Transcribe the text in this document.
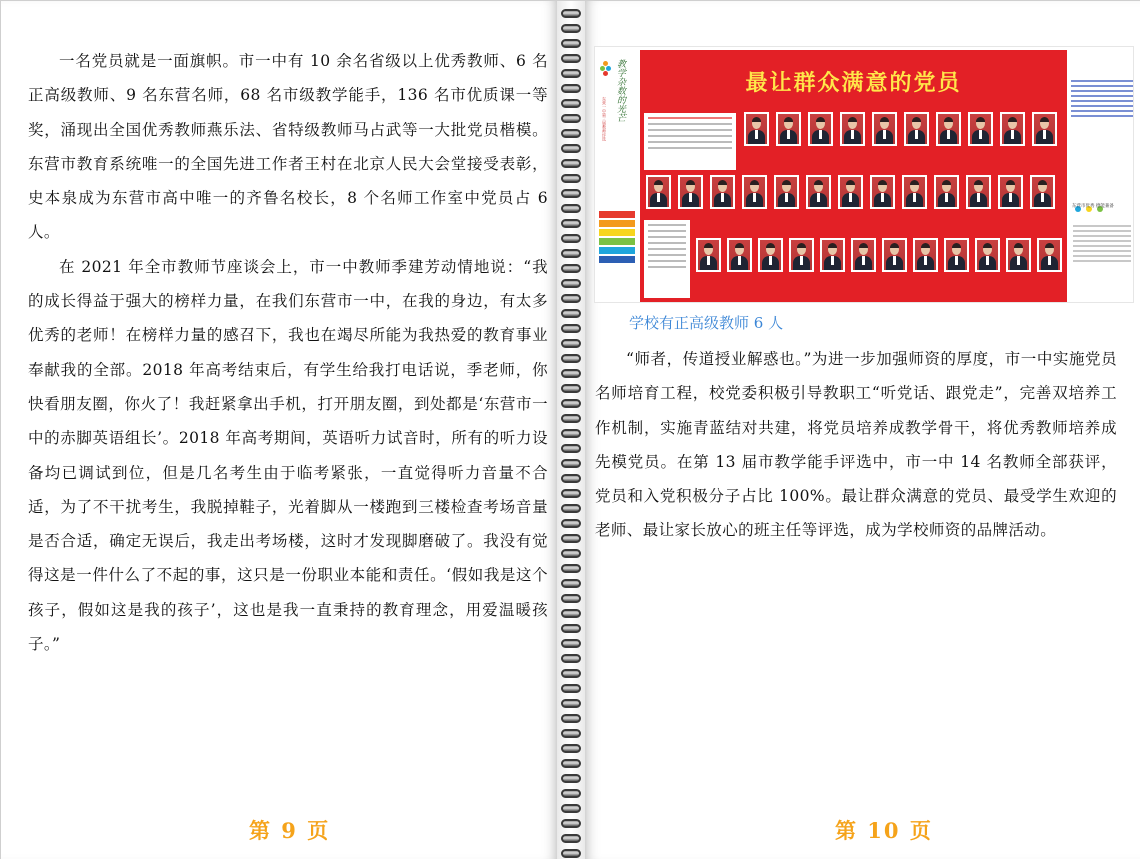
一名党员就是一面旗帜。市一中有 10 余名省级以上优秀教师、6 名正高级教师、9 名东营名师，68 名市级教学能手，136 名市优质课一等奖，涌现出全国优秀教师燕乐法、省特级教师马占武等一大批党员楷模。东营市教育系统唯一的全国先进工作者王村在北京人民大会堂接受表彰，史本泉成为东营市高中唯一的齐鲁名校长，8 个名师工作室中党员占 6 人。

在 2021 年全市教师节座谈会上，市一中教师季建芳动情地说：“我的成长得益于强大的榜样力量，在我们东营市一中，在我的身边，有太多优秀的老师！在榜样力量的感召下，我也在竭尽所能为我热爱的教育事业奉献我的全部。2018 年高考结束后，有学生给我打电话说，季老师，你快看朋友圈，你火了！我赶紧拿出手机，打开朋友圈，到处都是‘东营市一中的赤脚英语组长’。2018 年高考期间，英语听力试音时，所有的听力设备均已调试到位，但是几名考生由于临考紧张，一直觉得听力音量不合适，为了不干扰考生，我脱掉鞋子，光着脚从一楼跑到三楼检查考场音量是否合适，确定无误后，我走出考场楼，这时才发现脚磨破了。我没有觉得这是一件什么了不起的事，这只是一份职业本能和责任。‘假如我是这个孩子，假如这是我的孩子’，这也是我一直秉持的教育理念，用爱温暖孩子。”

第 9 页
教学杂数的光芒
东营一中第三届教师评选
最让群众满意的党员

东营市优秀 德能兼备
学校有正高级教师 6 人

“师者，传道授业解惑也。”为进一步加强师资的厚度，市一中实施党员名师培育工程，校党委积极引导教职工“听党话、跟党走”，完善双培养工作机制，实施青蓝结对共建，将党员培养成教学骨干，将优秀教师培养成先模党员。在第 13 届市教学能手评选中，市一中 14 名教师全部获评，党员和入党积极分子占比 100%。最让群众满意的党员、最受学生欢迎的老师、最让家长放心的班主任等评选，成为学校师资的品牌活动。

第 10 页
